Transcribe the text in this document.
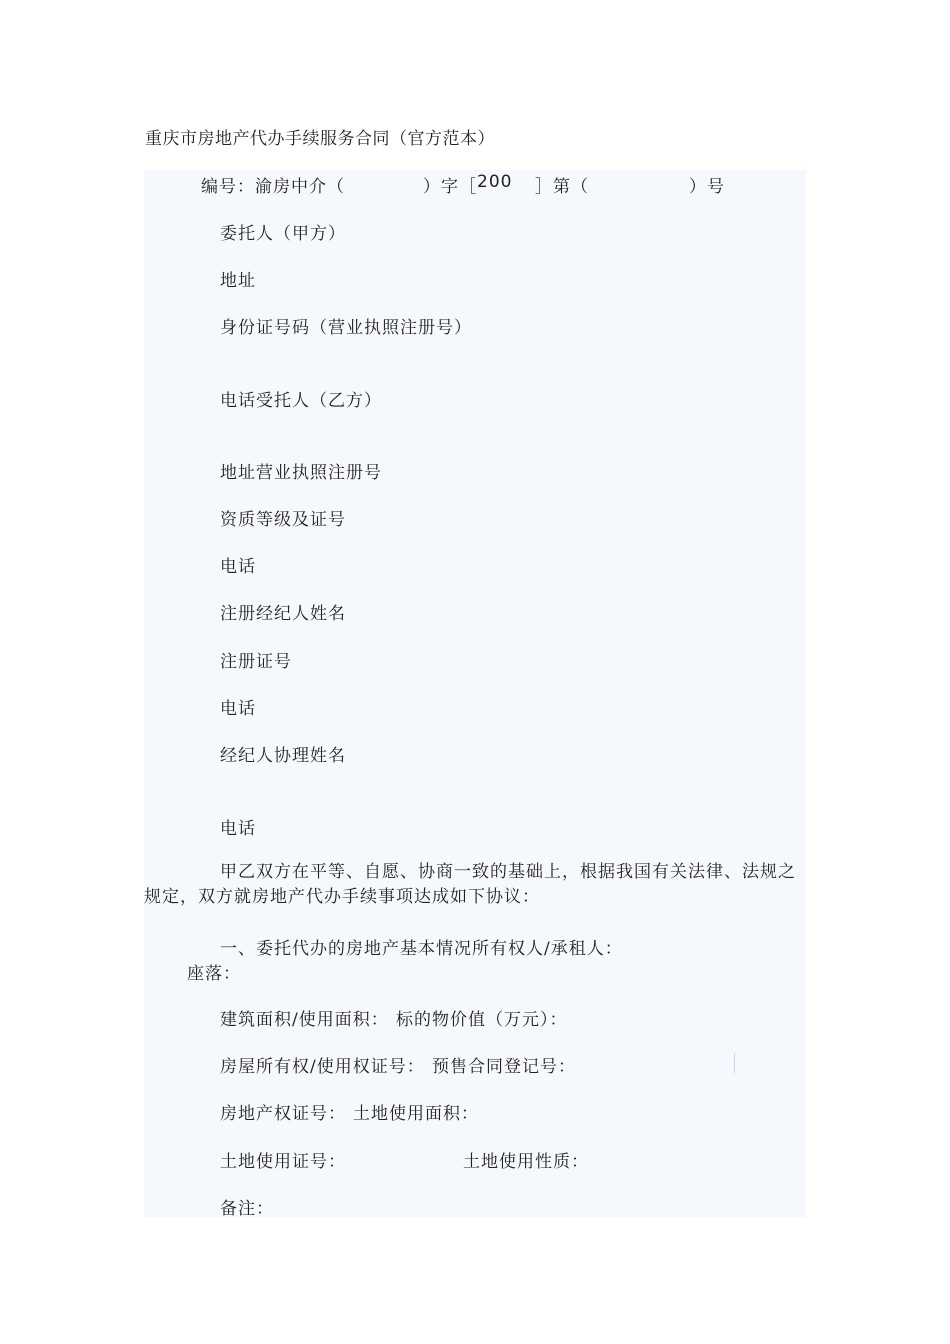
重庆市房地产代办手续服务合同（官方范本）
编号：渝房中介（	）字［ 200 ］第（	）号
委托人（甲方）
地址
身份证号码（营业执照注册号）
电话受托人（乙方）
地址营业执照注册号
资质等级及证号
电话
注册经纪人姓名
注册证号
电话
经纪人协理姓名
电话
甲乙双方在平等、自愿、协商一致的基础上，根据我国有关法律、法规之
规定，双方就房地产代办手续事项达成如下协议：
一、委托代办的房地产基本情况所有权人/承租人：
座落：
建筑面积/使用面积： 标的物价值（万元）：
房屋所有权/使用权证号： 预售合同登记号：
房地产权证号： 土地使用面积：
土地使用证号：	土地使用性质：
备注：
